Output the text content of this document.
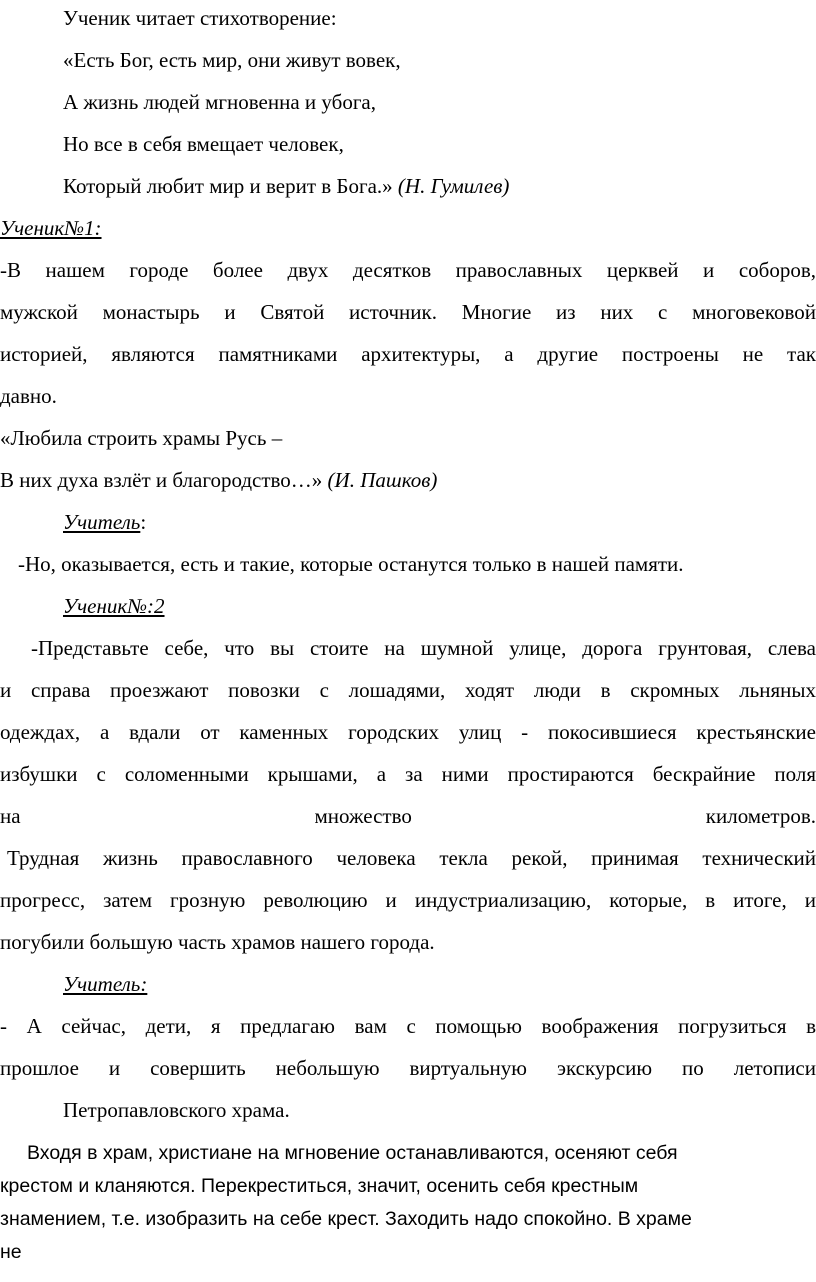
Ученик читает стихотворение:
«Есть Бог, есть мир, они живут вовек,
А жизнь людей мгновенна и убога,
Но все в себя вмещает человек,
Который любит мир и верит в Бога.» (Н. Гумилев)
Ученик№1:
-В нашем городе более двух десятков православных церквей и соборов,
мужской монастырь и Святой источник. Многие из них с многовековой
историей, являются памятниками архитектуры, а другие построены не так
давно.
«Любила строить храмы Русь –
В них духа взлёт и благородство…» (И. Пашков)
Учитель:
-Но, оказывается, есть и такие, которые останутся только в нашей памяти.
Ученик№:2
-Представьте себе, что вы стоите на шумной улице, дорога грунтовая, слева
и справа проезжают повозки с лошадями, ходят люди в скромных льняных
одеждах, а вдали от каменных городских улиц - покосившиеся крестьянские
избушки с соломенными крышами, а за ними простираются бескрайние поля
на множество километров.
Трудная жизнь православного человека текла рекой, принимая технический
прогресс, затем грозную революцию и индустриализацию, которые, в итоге, и
погубили большую часть храмов нашего города.
Учитель:
- А сейчас, дети, я предлагаю вам с помощью воображения погрузиться в
прошлое и совершить небольшую виртуальную экскурсию по летописи
Петропавловского храма.
Входя в храм, христиане на мгновение останавливаются, осеняют себя
крестом и кланяются. Перекреститься, значит, осенить себя крестным
знамением, т.е. изобразить на себе крест. Заходить надо спокойно. В храме
не
